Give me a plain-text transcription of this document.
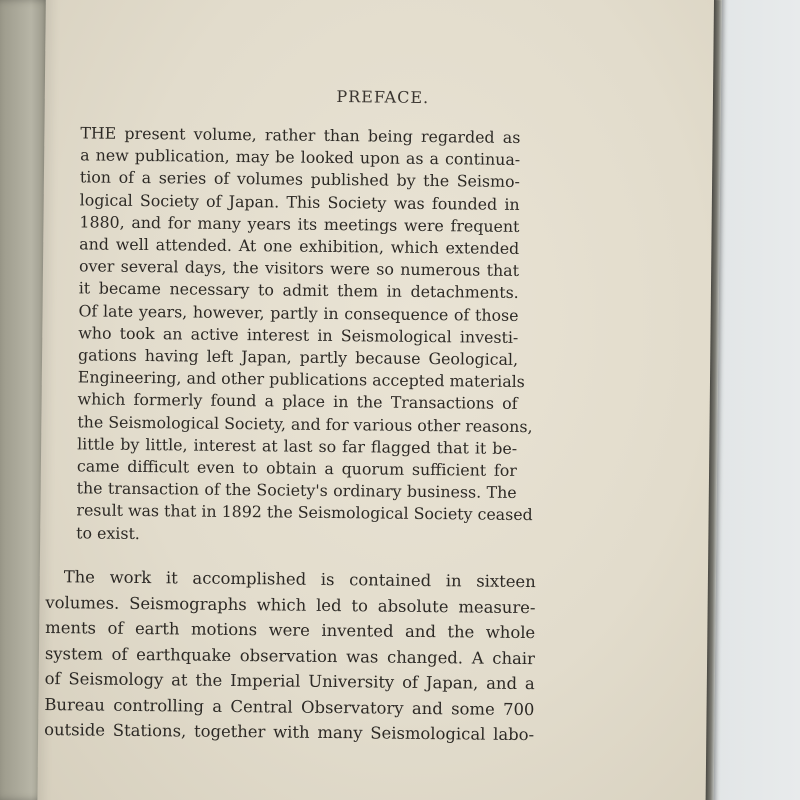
PREFACE.
THE present volume, rather than being regarded as
a new publication, may be looked upon as a continua-
tion of a series of volumes published by the Seismo-
logical Society of Japan. This Society was founded in
1880, and for many years its meetings were frequent
and well attended. At one exhibition, which extended
over several days, the visitors were so numerous that
it became necessary to admit them in detachments.
Of late years, however, partly in consequence of those
who took an active interest in Seismological investi-
gations having left Japan, partly because Geological,
Engineering, and other publications accepted materials
which formerly found a place in the Transactions of
the Seismological Society, and for various other reasons,
little by little, interest at last so far flagged that it be-
came difficult even to obtain a quorum sufficient for
the transaction of the Society's ordinary business. The
result was that in 1892 the Seismological Society ceased
to exist.
The work it accomplished is contained in sixteen
volumes. Seismographs which led to absolute measure-
ments of earth motions were invented and the whole
system of earthquake observation was changed. A chair
of Seismology at the Imperial University of Japan, and a
Bureau controlling a Central Observatory and some 700
outside Stations, together with many Seismological labo-
